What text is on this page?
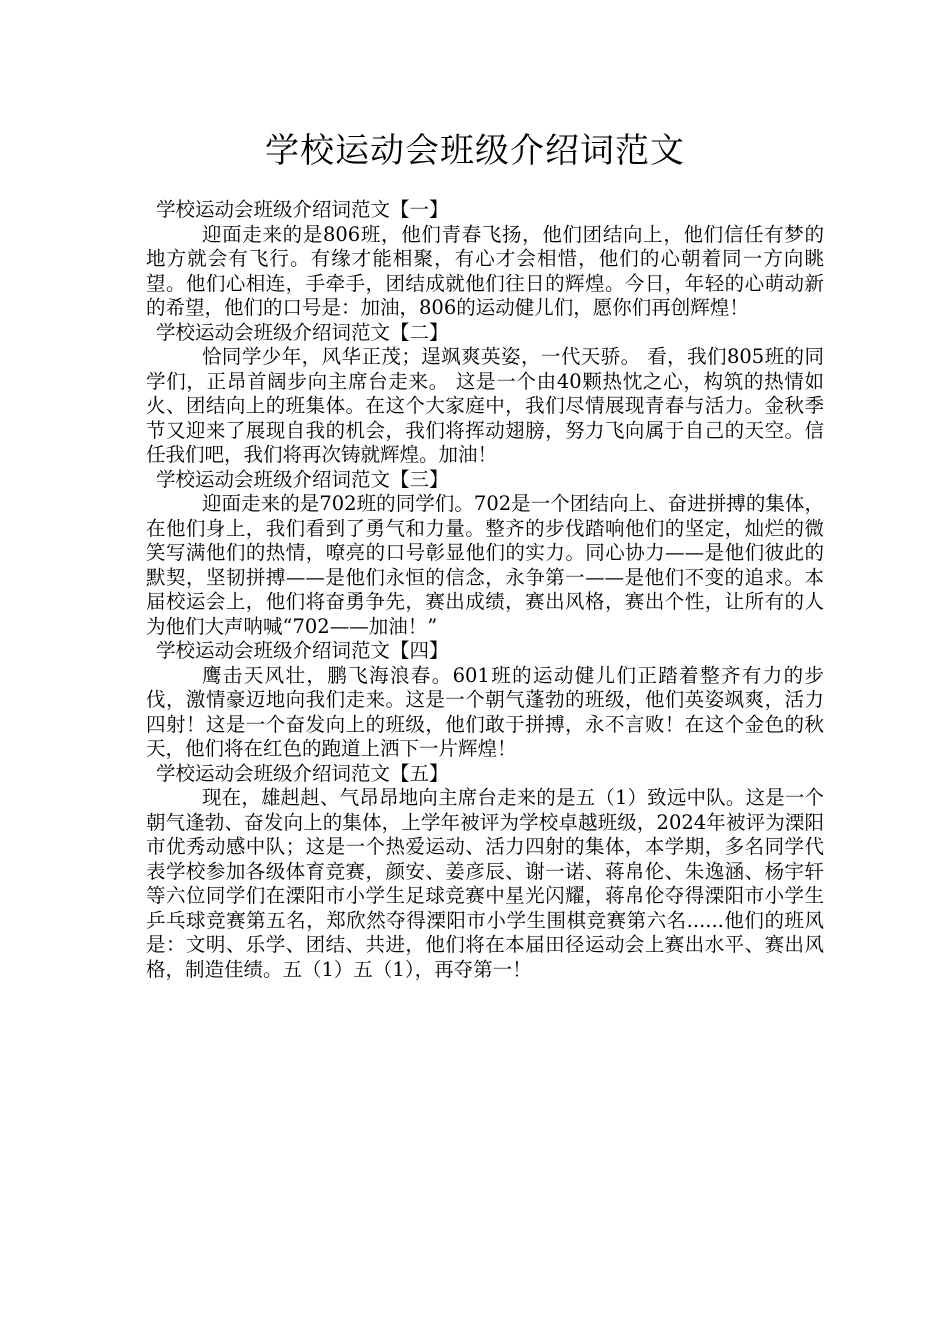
学校运动会班级介绍词范文
学校运动会班级介绍词范文【一】

迎面走来的是806班，他们青春飞扬，他们团结向上，他们信任有梦的地方就会有飞行。有缘才能相聚，有心才会相惜，他们的心朝着同一方向眺望。他们心相连，手牵手，团结成就他们往日的辉煌。今日，年轻的心萌动新的希望，他们的口号是：加油，806的运动健儿们，愿你们再创辉煌！

学校运动会班级介绍词范文【二】

恰同学少年，风华正茂；逞飒爽英姿，一代天骄。 看，我们805班的同学们，正昂首阔步向主席台走来。 这是一个由40颗热忱之心，构筑的热情如火、团结向上的班集体。在这个大家庭中，我们尽情展现青春与活力。金秋季节又迎来了展现自我的机会，我们将挥动翅膀，努力飞向属于自己的天空。信任我们吧，我们将再次铸就辉煌。加油！

学校运动会班级介绍词范文【三】

迎面走来的是702班的同学们。702是一个团结向上、奋进拼搏的集体，在他们身上，我们看到了勇气和力量。整齐的步伐踏响他们的坚定，灿烂的微笑写满他们的热情，嘹亮的口号彰显他们的实力。同心协力——是他们彼此的默契，坚韧拼搏——是他们永恒的信念，永争第一——是他们不变的追求。本届校运会上，他们将奋勇争先，赛出成绩，赛出风格，赛出个性，让所有的人为他们大声呐喊“702——加油！”

学校运动会班级介绍词范文【四】

鹰击天风壮，鹏飞海浪春。601班的运动健儿们正踏着整齐有力的步伐，激情豪迈地向我们走来。这是一个朝气蓬勃的班级，他们英姿飒爽，活力四射！这是一个奋发向上的班级，他们敢于拼搏，永不言败！在这个金色的秋天，他们将在红色的跑道上洒下一片辉煌！

学校运动会班级介绍词范文【五】

现在，雄赳赳、气昂昂地向主席台走来的是五（1）致远中队。这是一个朝气逢勃、奋发向上的集体，上学年被评为学校卓越班级，2024年被评为溧阳市优秀动感中队；这是一个热爱运动、活力四射的集体，本学期，多名同学代表学校参加各级体育竞赛，颜安、姜彦辰、谢一诺、蒋帛伦、朱逸涵、杨宇轩等六位同学们在溧阳市小学生足球竞赛中星光闪耀，蒋帛伦夺得溧阳市小学生乒乓球竞赛第五名，郑欣然夺得溧阳市小学生围棋竞赛第六名......他们的班风是：文明、乐学、团结、共进，他们将在本届田径运动会上赛出水平、赛出风格，制造佳绩。五（1）五（1），再夺第一！
